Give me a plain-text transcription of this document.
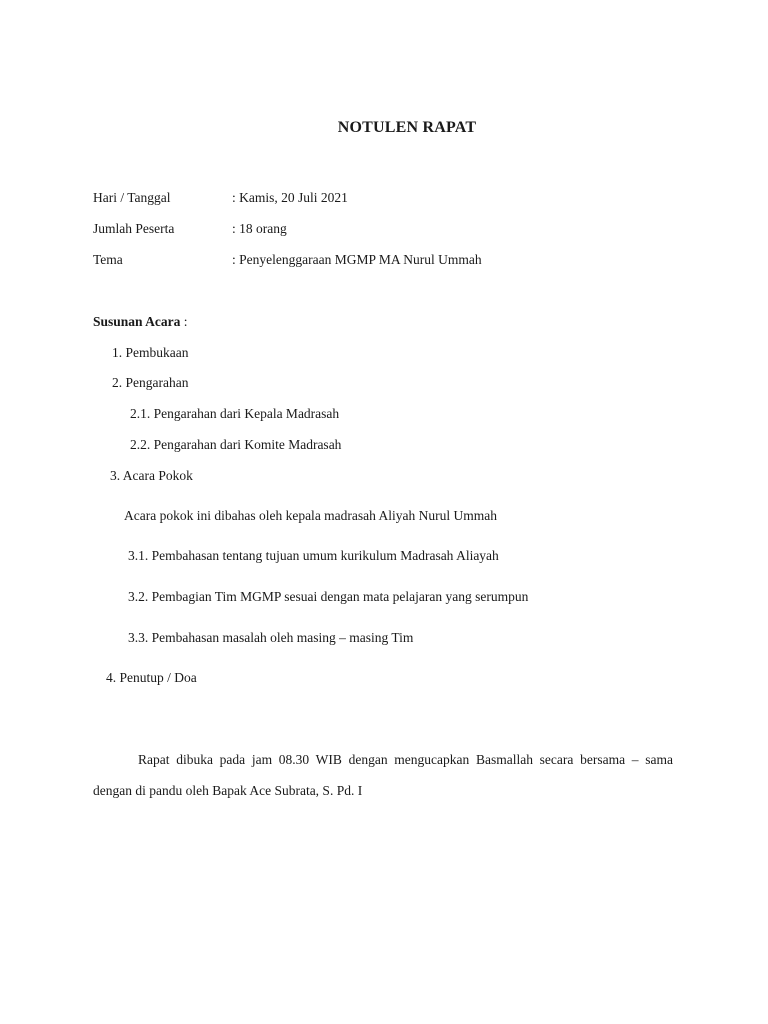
NOTULEN RAPAT
Hari / Tanggal	: Kamis, 20 Juli 2021
Jumlah Peserta	: 18 orang
Tema	: Penyelenggaraan MGMP MA Nurul Ummah
Susunan Acara :
1. Pembukaan
2. Pengarahan
2.1. Pengarahan dari Kepala Madrasah
2.2. Pengarahan dari Komite Madrasah
3. Acara Pokok
Acara pokok ini dibahas oleh kepala madrasah Aliyah Nurul Ummah
3.1. Pembahasan tentang tujuan umum kurikulum Madrasah Aliayah
3.2. Pembagian Tim MGMP sesuai dengan mata pelajaran yang serumpun
3.3. Pembahasan masalah oleh masing – masing Tim
4. Penutup / Doa
Rapat dibuka pada jam 08.30 WIB dengan mengucapkan Basmallah secara bersama – sama
dengan di pandu oleh Bapak Ace Subrata, S. Pd. I
